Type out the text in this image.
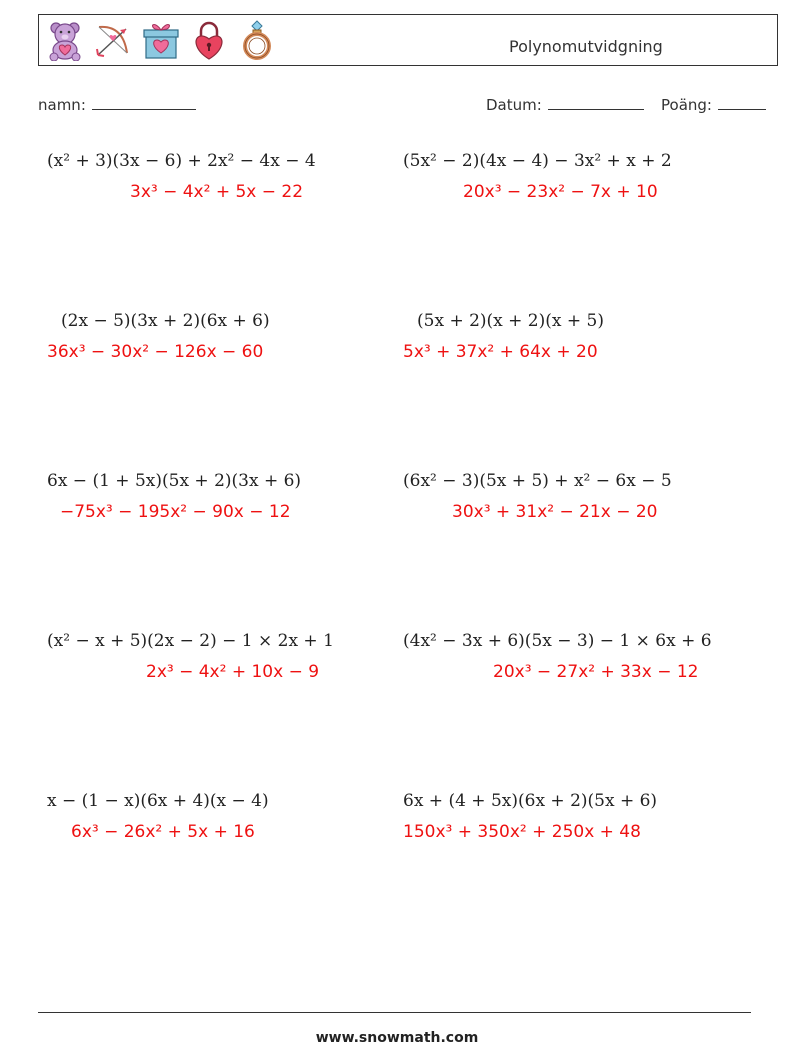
Polynomutvidgning
namn:	Datum:	Poäng:
(x² + 3)(3x − 6) + 2x² − 4x − 4
3x³ − 4x² + 5x − 22
(5x² − 2)(4x − 4) − 3x² + x + 2
20x³ − 23x² − 7x + 10
(2x − 5)(3x + 2)(6x + 6)
36x³ − 30x² − 126x − 60
(5x + 2)(x + 2)(x + 5)
5x³ + 37x² + 64x + 20
6x − (1 + 5x)(5x + 2)(3x + 6)
−75x³ − 195x² − 90x − 12
(6x² − 3)(5x + 5) + x² − 6x − 5
30x³ + 31x² − 21x − 20
(x² − x + 5)(2x − 2) − 1 × 2x + 1
2x³ − 4x² + 10x − 9
(4x² − 3x + 6)(5x − 3) − 1 × 6x + 6
20x³ − 27x² + 33x − 12
x − (1 − x)(6x + 4)(x − 4)
6x³ − 26x² + 5x + 16
6x + (4 + 5x)(6x + 2)(5x + 6)
150x³ + 350x² + 250x + 48
www.snowmath.com
